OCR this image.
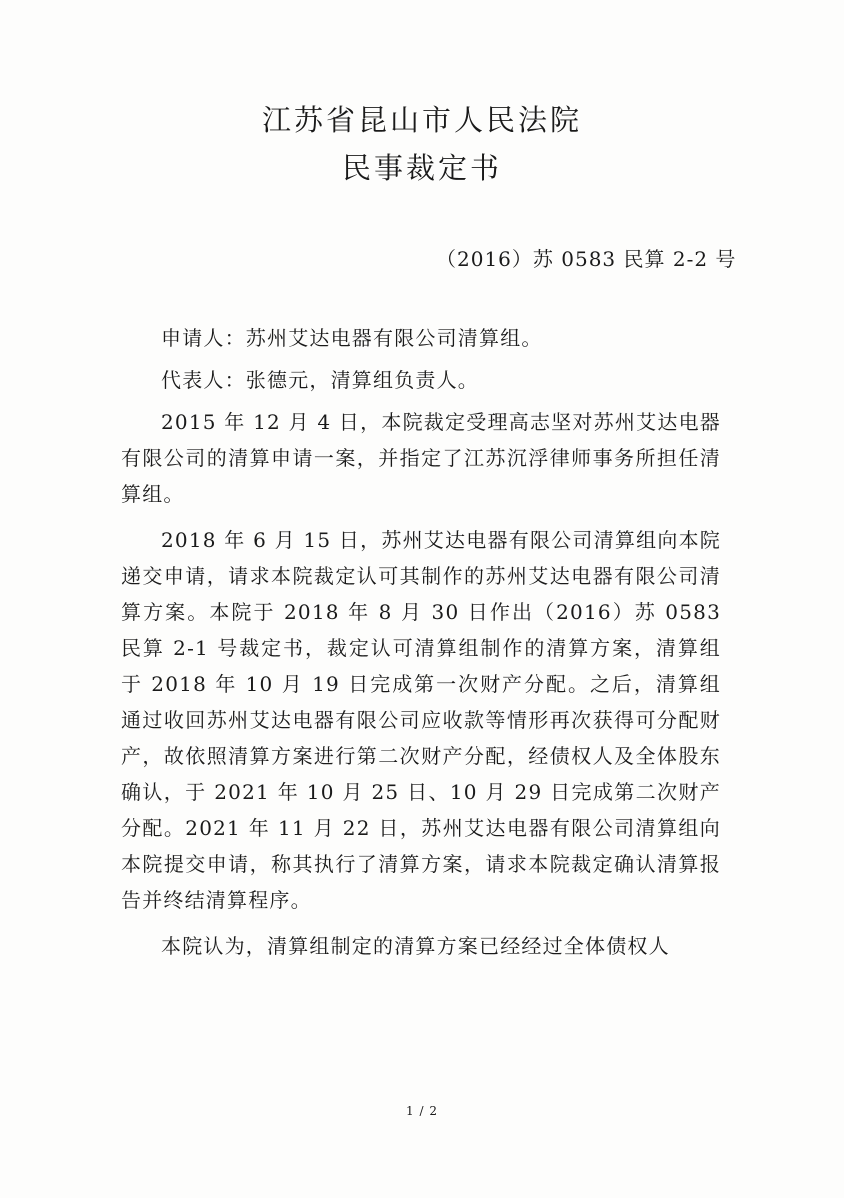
江苏省昆山市人民法院
民事裁定书
（2016）苏 0583 民算 2-2 号

申请人：苏州艾达电器有限公司清算组。

代表人：张德元，清算组负责人。

2015 年 12 月 4 日，本院裁定受理高志坚对苏州艾达电器有限公司的清算申请一案，并指定了江苏沉浮律师事务所担任清算组。

2018 年 6 月 15 日，苏州艾达电器有限公司清算组向本院递交申请，请求本院裁定认可其制作的苏州艾达电器有限公司清算方案。本院于 2018 年 8 月 30 日作出（2016）苏 0583 民算 2-1 号裁定书，裁定认可清算组制作的清算方案，清算组于 2018 年 10 月 19 日完成第一次财产分配。之后，清算组通过收回苏州艾达电器有限公司应收款等情形再次获得可分配财产，故依照清算方案进行第二次财产分配，经债权人及全体股东确认，于 2021 年 10 月 25 日、10 月 29 日完成第二次财产分配。2021 年 11 月 22 日，苏州艾达电器有限公司清算组向本院提交申请，称其执行了清算方案，请求本院裁定确认清算报告并终结清算程序。

本院认为，清算组制定的清算方案已经经过全体债权人

1 / 2
